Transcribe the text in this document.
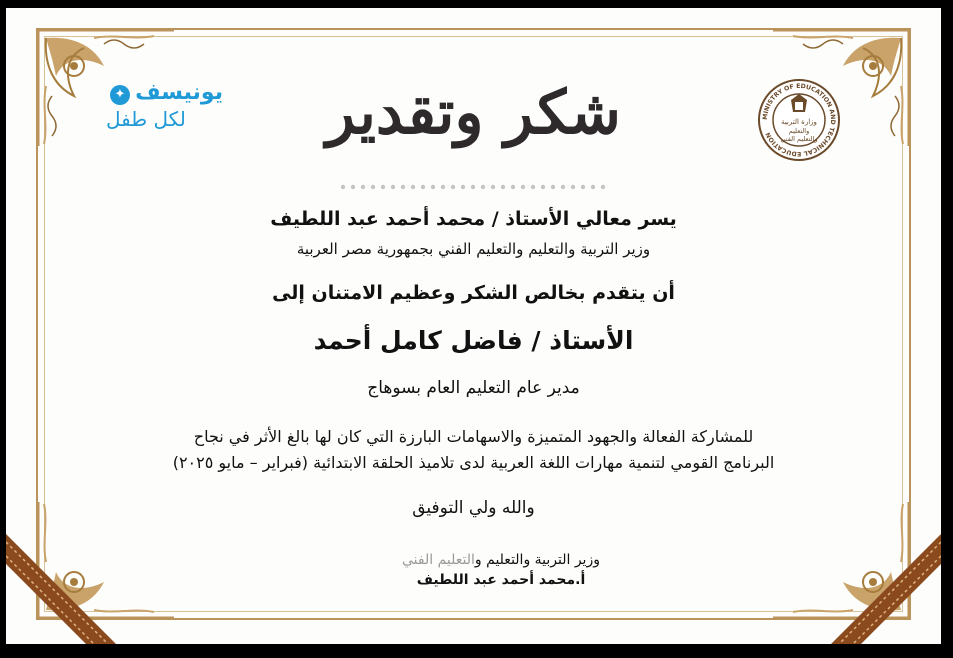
يونيسف ✦
لكل طفل	MINISTRY OF EDUCATION AND TECHNICAL EDUCATION
وزارة التربية
والتعليم
والتعليم الفني
شكر وتقدير
يسر معالي الأستاذ / محمد أحمد عبد اللطيف
وزير التربية والتعليم والتعليم الفني بجمهورية مصر العربية
أن يتقدم بخالص الشكر وعظيم الامتنان إلى
الأستاذ / فاضل كامل أحمد
مدير عام التعليم العام بسوهاج
للمشاركة الفعالة والجهود المتميزة والاسهامات البارزة التي كان لها بالغ الأثر في نجاح
البرنامج القومي لتنمية مهارات اللغة العربية لدى تلاميذ الحلقة الابتدائية (فبراير – مايو ٢٠٢٥)
والله ولي التوفيق
وزير التربية والتعليم والتعليم الفني
أ.محمد أحمد عبد اللطيف
